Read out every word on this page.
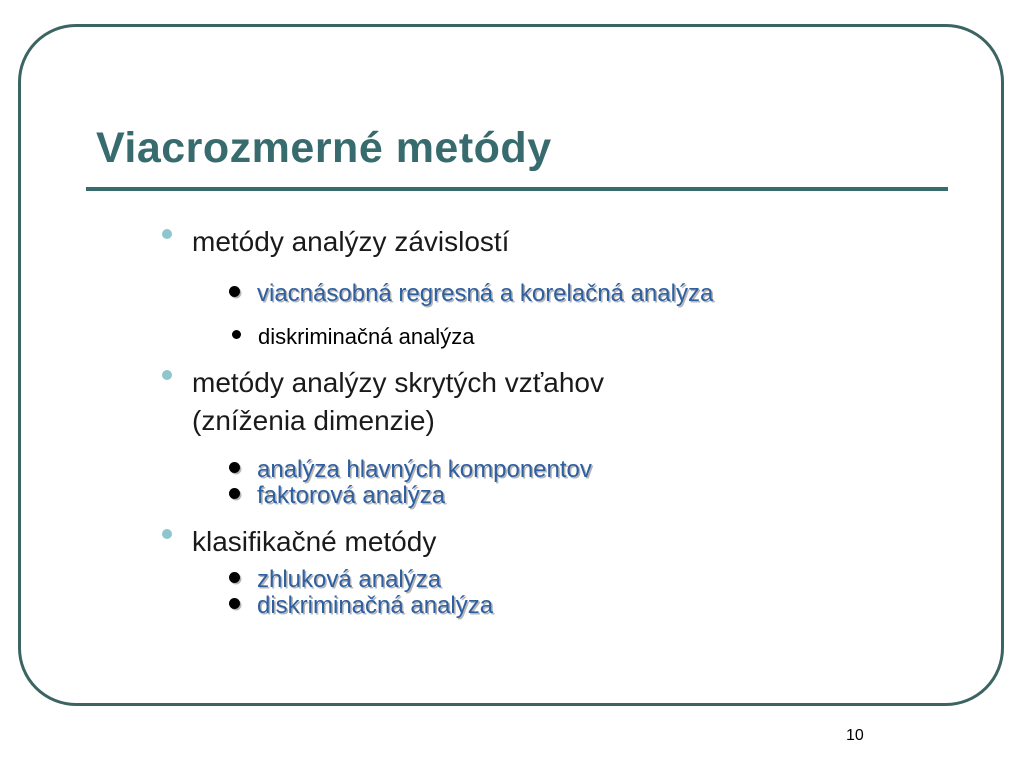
Viacrozmerné metódy
metódy analýzy závislostí
viacnásobná regresná a korelačná analýza
diskriminačná analýza
metódy analýzy skrytých vzťahov
(zníženia dimenzie)
analýza hlavných komponentov
faktorová analýza
klasifikačné metódy
zhluková analýza
diskriminačná analýza
10
